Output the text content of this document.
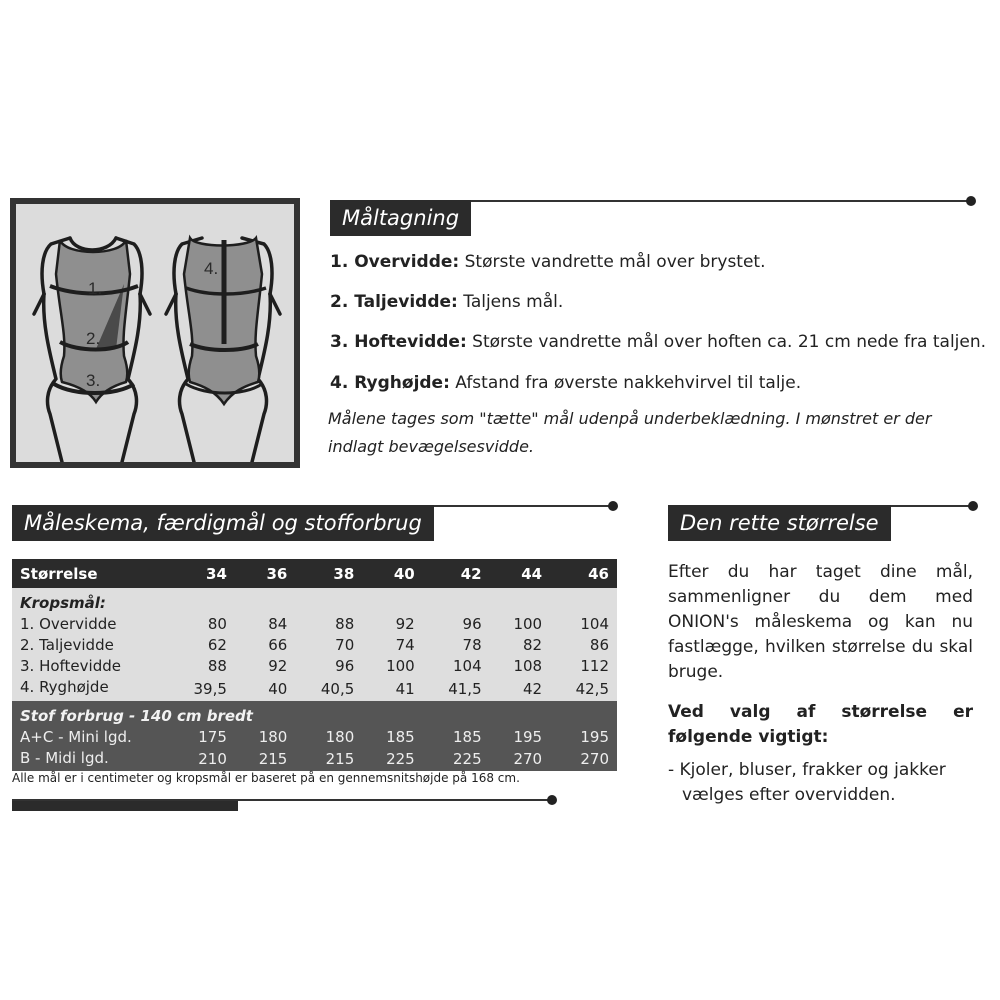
1.
2.
3.
4.
Måltagning
1. Overvidde: Største vandrette mål over brystet.
2. Taljevidde: Taljens mål.
3. Hoftevidde: Største vandrette mål over hoften ca. 21 cm nede fra taljen.
4. Ryghøjde: Afstand fra øverste nakkehvirvel til talje.
Målene tages som "tætte" mål udenpå underbeklædning. I mønstret er der indlagt bevægelsesvidde.
Måleskema, færdigmål og stofforbrug
Størrelse	34	36	38	40	42	44	46
Kropsmål:							
1. Overvidde	80	84	88	92	96	100	104
2. Taljevidde	62	66	70	74	78	82	86
3. Hoftevidde	88	92	96	100	104	108	112
4. Ryghøjde	39,5	40	40,5	41	41,5	42	42,5
Stof forbrug - 140 cm bredt							
A+C - Mini lgd.	175	180	180	185	185	195	195
B - Midi lgd.	210	215	215	225	225	270	270
Alle mål er i centimeter og kropsmål er baseret på en gennemsnitshøjde på 168 cm.
Den rette størrelse
Efter du har taget dine mål, sammenligner du dem med ONION's måleskema og kan nu fastlægge, hvilken størrelse du skal bruge.
Ved valg af størrelse er følgende vigtigt:
- Kjoler, bluser, frakker og jakker vælges efter overvidden.
